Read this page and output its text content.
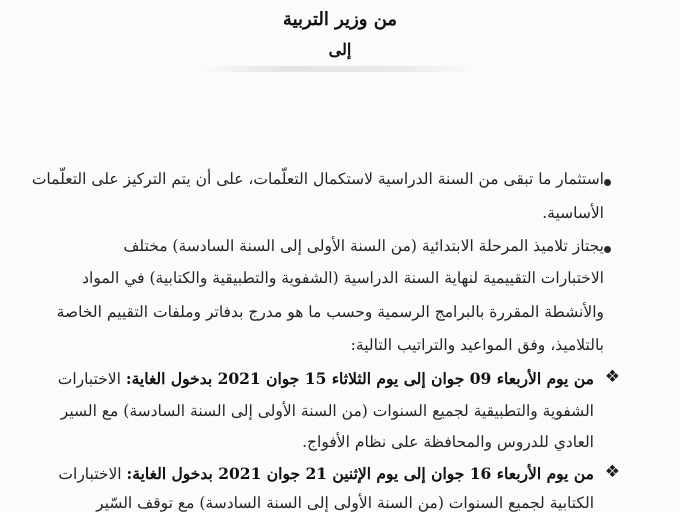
من وزير التربية
إلى
استثمار ما تبقى من السنة الدراسية لاستكمال التعلّمات، على أن يتم التركيز على التعلّمات
الأساسية.
يجتاز تلاميذ المرحلة الابتدائية (من السنة الأولى إلى السنة السادسة) مختلف
الاختبارات التقييمية لنهاية السنة الدراسية (الشفوية والتطبيقية والكتابية) في المواد
والأنشطة المقررة بالبرامج الرسمية وحسب ما هو مدرج بدفاتر وملفات التقييم الخاصة
بالتلاميذ، وفق المواعيد والتراتيب التالية:
❖
من يوم الأربعاء 09 جوان إلى يوم الثلاثاء 15 جوان 2021 بدخول الغاية: الاختبارات
الشفوية والتطبيقية لجميع السنوات (من السنة الأولى إلى السنة السادسة) مع السير
العادي للدروس والمحافظة على نظام الأفواج.
❖
من يوم الأربعاء 16 جوان إلى يوم الإثنين 21 جوان 2021 بدخول الغاية: الاختبارات
الكتابية لجميع السنوات (من السنة الأولى إلى السنة السادسة) مع توقف السّير
